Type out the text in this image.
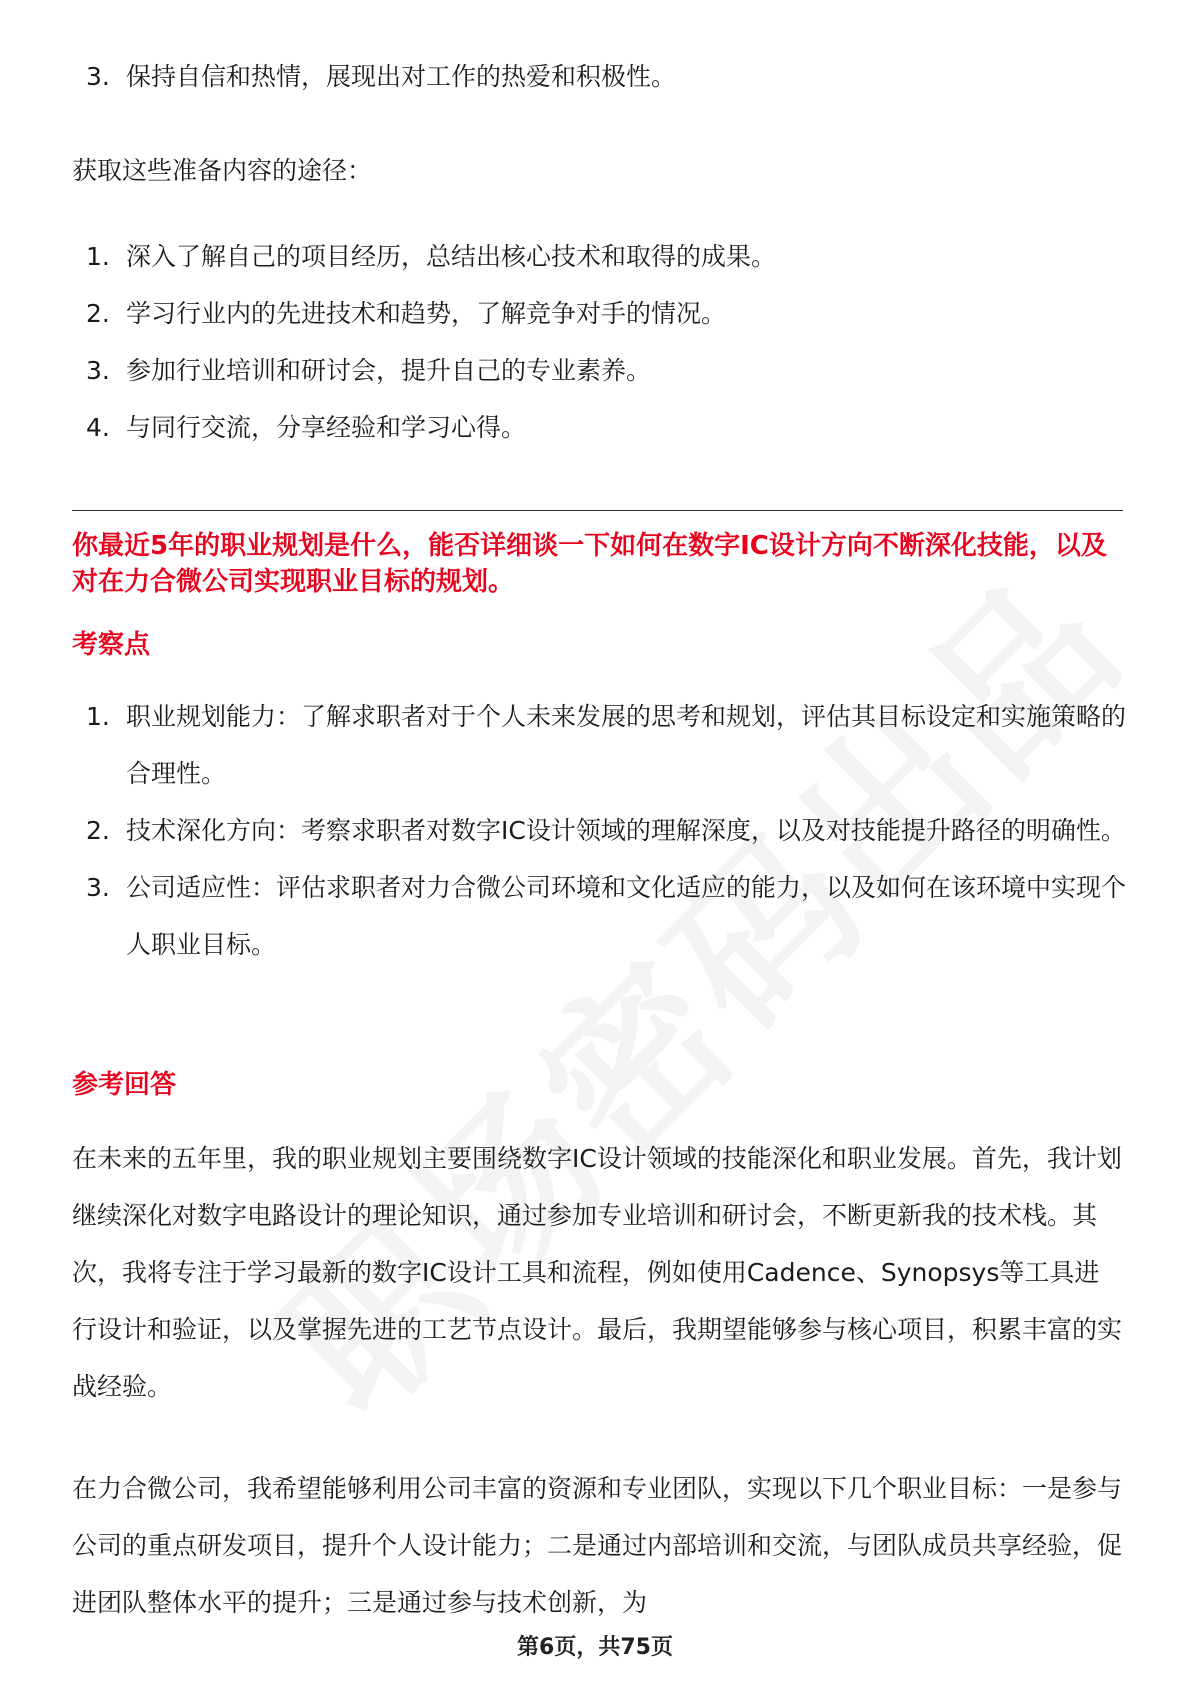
3. 保持自信和热情，展现出对工作的热爱和积极性。
获取这些准备内容的途径：
1. 深入了解自己的项目经历，总结出核心技术和取得的成果。
2. 学习行业内的先进技术和趋势，了解竞争对手的情况。
3. 参加行业培训和研讨会，提升自己的专业素养。
4. 与同行交流，分享经验和学习心得。
你最近5年的职业规划是什么，能否详细谈一下如何在数字IC设计方向不断深化技能，以及对在力合微公司实现职业目标的规划。
考察点
1. 职业规划能力：了解求职者对于个人未来发展的思考和规划，评估其目标设定和实施策略的合理性。
2. 技术深化方向：考察求职者对数字IC设计领域的理解深度，以及对技能提升路径的明确性。
3. 公司适应性：评估求职者对力合微公司环境和文化适应的能力，以及如何在该环境中实现个人职业目标。
参考回答
在未来的五年里，我的职业规划主要围绕数字IC设计领域的技能深化和职业发展。首先，我计划继续深化对数字电路设计的理论知识，通过参加专业培训和研讨会，不断更新我的技术栈。其次，我将专注于学习最新的数字IC设计工具和流程，例如使用Cadence、Synopsys等工具进行设计和验证，以及掌握先进的工艺节点设计。最后，我期望能够参与核心项目，积累丰富的实战经验。
在力合微公司，我希望能够利用公司丰富的资源和专业团队，实现以下几个职业目标：一是参与公司的重点研发项目，提升个人设计能力；二是通过内部培训和交流，与团队成员共享经验，促进团队整体水平的提升；三是通过参与技术创新，为
第6页，共75页
